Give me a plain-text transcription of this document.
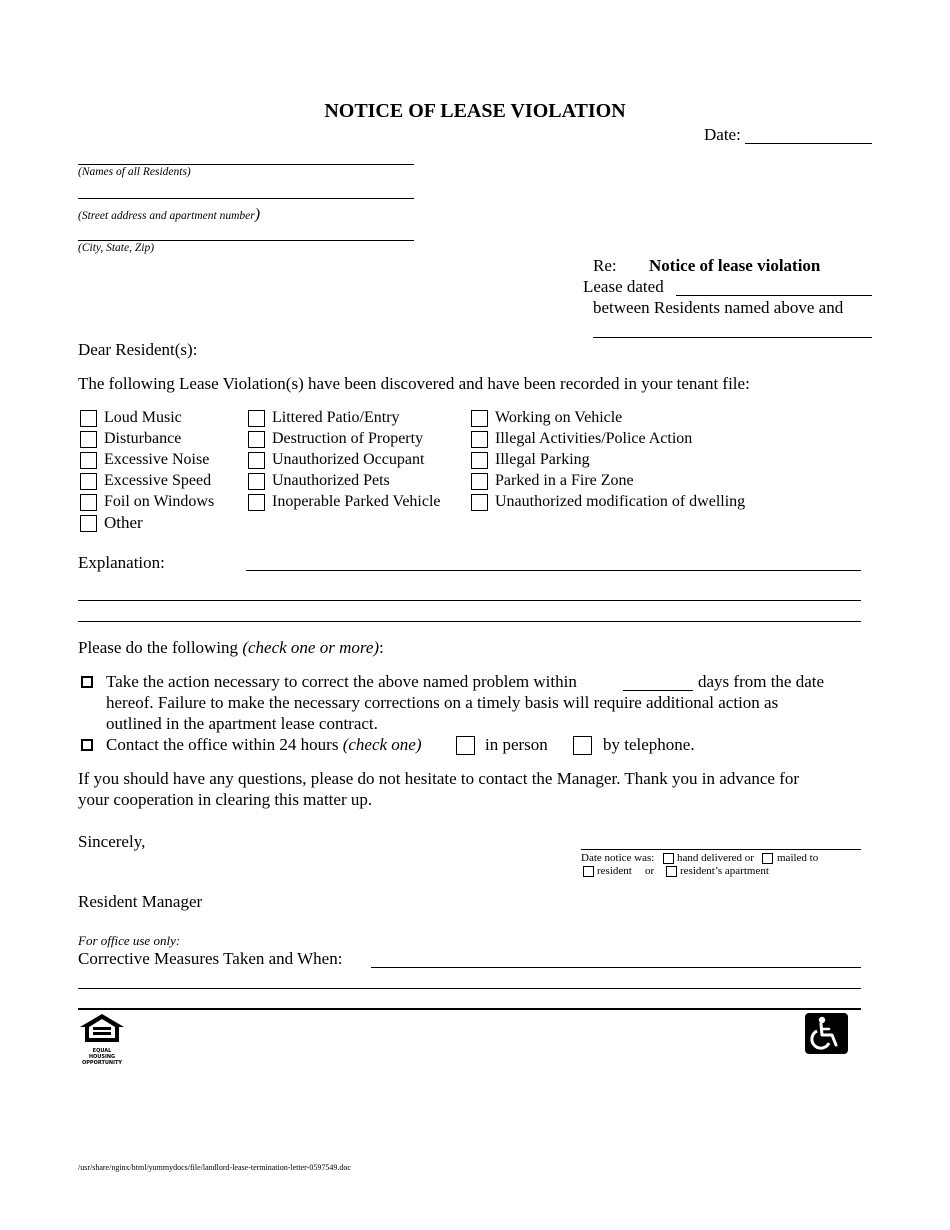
NOTICE OF LEASE VIOLATION
Date:
(Names of all Residents)
(Street address and apartment number)
(City, State, Zip)
Re: Notice of lease violation
Lease dated
between Residents named above and
Dear Resident(s):
The following Lease Violation(s) have been discovered and have been recorded in your tenant file:
Loud Music
Disturbance
Excessive Noise
Excessive Speed
Foil on Windows
Other
Littered Patio/Entry
Destruction of Property
Unauthorized Occupant
Unauthorized Pets
Inoperable Parked Vehicle
Working on Vehicle
Illegal Activities/Police Action
Illegal Parking
Parked in a Fire Zone
Unauthorized modification of dwelling
Explanation:
Please do the following (check one or more):
Take the action necessary to correct the above named problem within	days from the date
hereof. Failure to make the necessary corrections on a timely basis will require additional action as
outlined in the apartment lease contract.
Contact the office within 24 hours (check one)	in person	by telephone.
If you should have any questions, please do not hesitate to contact the Manager. Thank you in advance for
your cooperation in clearing this matter up.
Sincerely,
Date notice was: hand delivered or mailed to
resident or resident’s apartment
Resident Manager
For office use only:
Corrective Measures Taken and When:
EQUAL HOUSING
OPPORTUNITY
/usr/share/nginx/html/yummydocs/file/landlord-lease-termination-letter-0597549.doc
